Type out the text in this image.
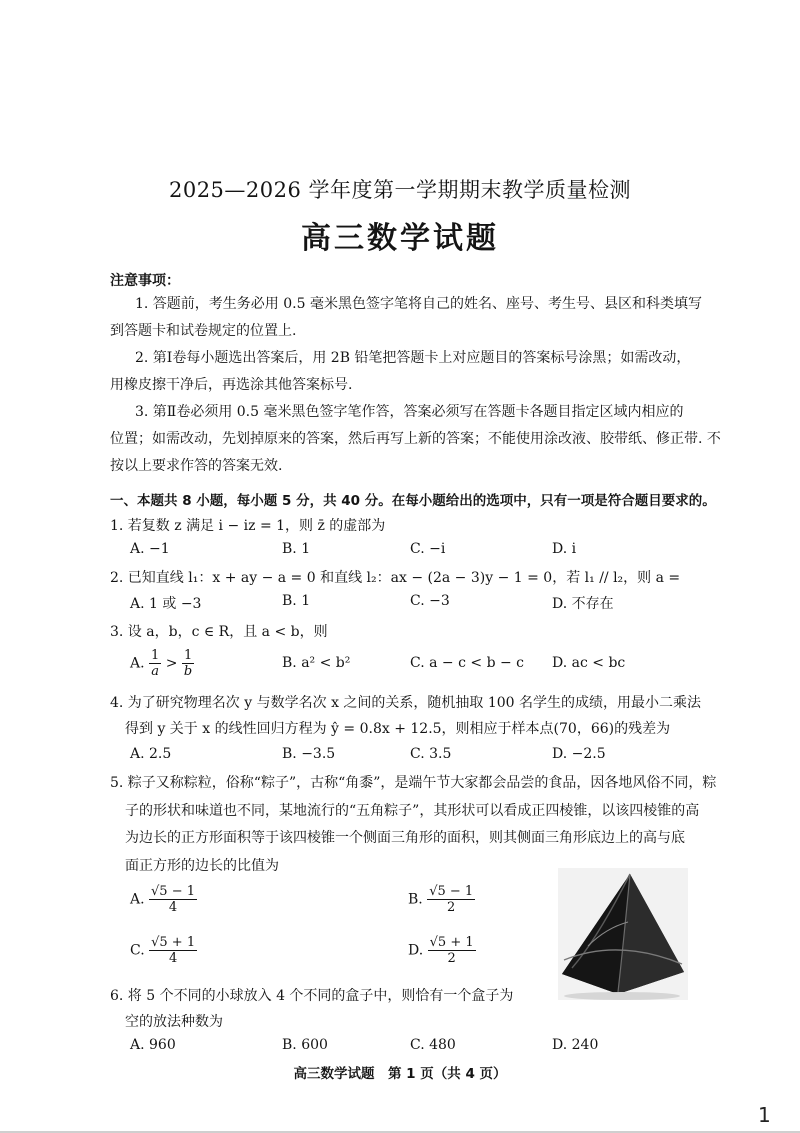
2025—2026 学年度第一学期期末教学质量检测
高三数学试题
注意事项：
1. 答题前，考生务必用 0.5 毫米黑色签字笔将自己的姓名、座号、考生号、县区和科类填写
到答题卡和试卷规定的位置上.
2. 第Ⅰ卷每小题选出答案后，用 2B 铅笔把答题卡上对应题目的答案标号涂黑；如需改动，
用橡皮擦干净后，再选涂其他答案标号.
3. 第Ⅱ卷必须用 0.5 毫米黑色签字笔作答，答案必须写在答题卡各题目指定区域内相应的
位置；如需改动，先划掉原来的答案，然后再写上新的答案；不能使用涂改液、胶带纸、修正带. 不
按以上要求作答的答案无效.
一、本题共 8 小题，每小题 5 分，共 40 分。在每小题给出的选项中，只有一项是符合题目要求的。
1. 若复数 z 满足 i − iz = 1，则 z̄ 的虚部为
A. −1	B. 1	C. −i	D. i
2. 已知直线 l₁：x + ay − a = 0 和直线 l₂：ax − (2a − 3)y − 1 = 0，若 l₁ // l₂，则 a =
A. 1 或 −3	B. 1	C. −3	D. 不存在
3. 设 a，b，c ∈ R，且 a < b，则
A. $\frac{1}{a} > \frac{1}{b}$	B. a² < b²	C. a − c < b − c D. ac < bc
4. 为了研究物理名次 y 与数学名次 x 之间的关系，随机抽取 100 名学生的成绩，用最小二乘法
得到 y 关于 x 的线性回归方程为 ŷ = 0.8x + 12.5，则相应于样本点(70，66)的残差为
A. 2.5	B. −3.5	C. 3.5	D. −2.5
5. 粽子又称粽粒，俗称“粽子”，古称“角黍”，是端午节大家都会品尝的食品，因各地风俗不同，粽
子的形状和味道也不同，某地流行的“五角粽子”，其形状可以看成正四棱锥，以该四棱锥的高
为边长的正方形面积等于该四棱锥一个侧面三角形的面积，则其侧面三角形底边上的高与底
面正方形的边长的比值为
A. $\frac{√5 - 1}{4}$	B. $\frac{√5 - 1}{2}$
C. $\frac{√5 + 1}{4}$	D. $\frac{√5 + 1}{2}$
6. 将 5 个不同的小球放入 4 个不同的盒子中，则恰有一个盒子为
空的放法种数为
A. 960	B. 600	C. 480	D. 240
高三数学试题　第 1 页（共 4 页）
1
